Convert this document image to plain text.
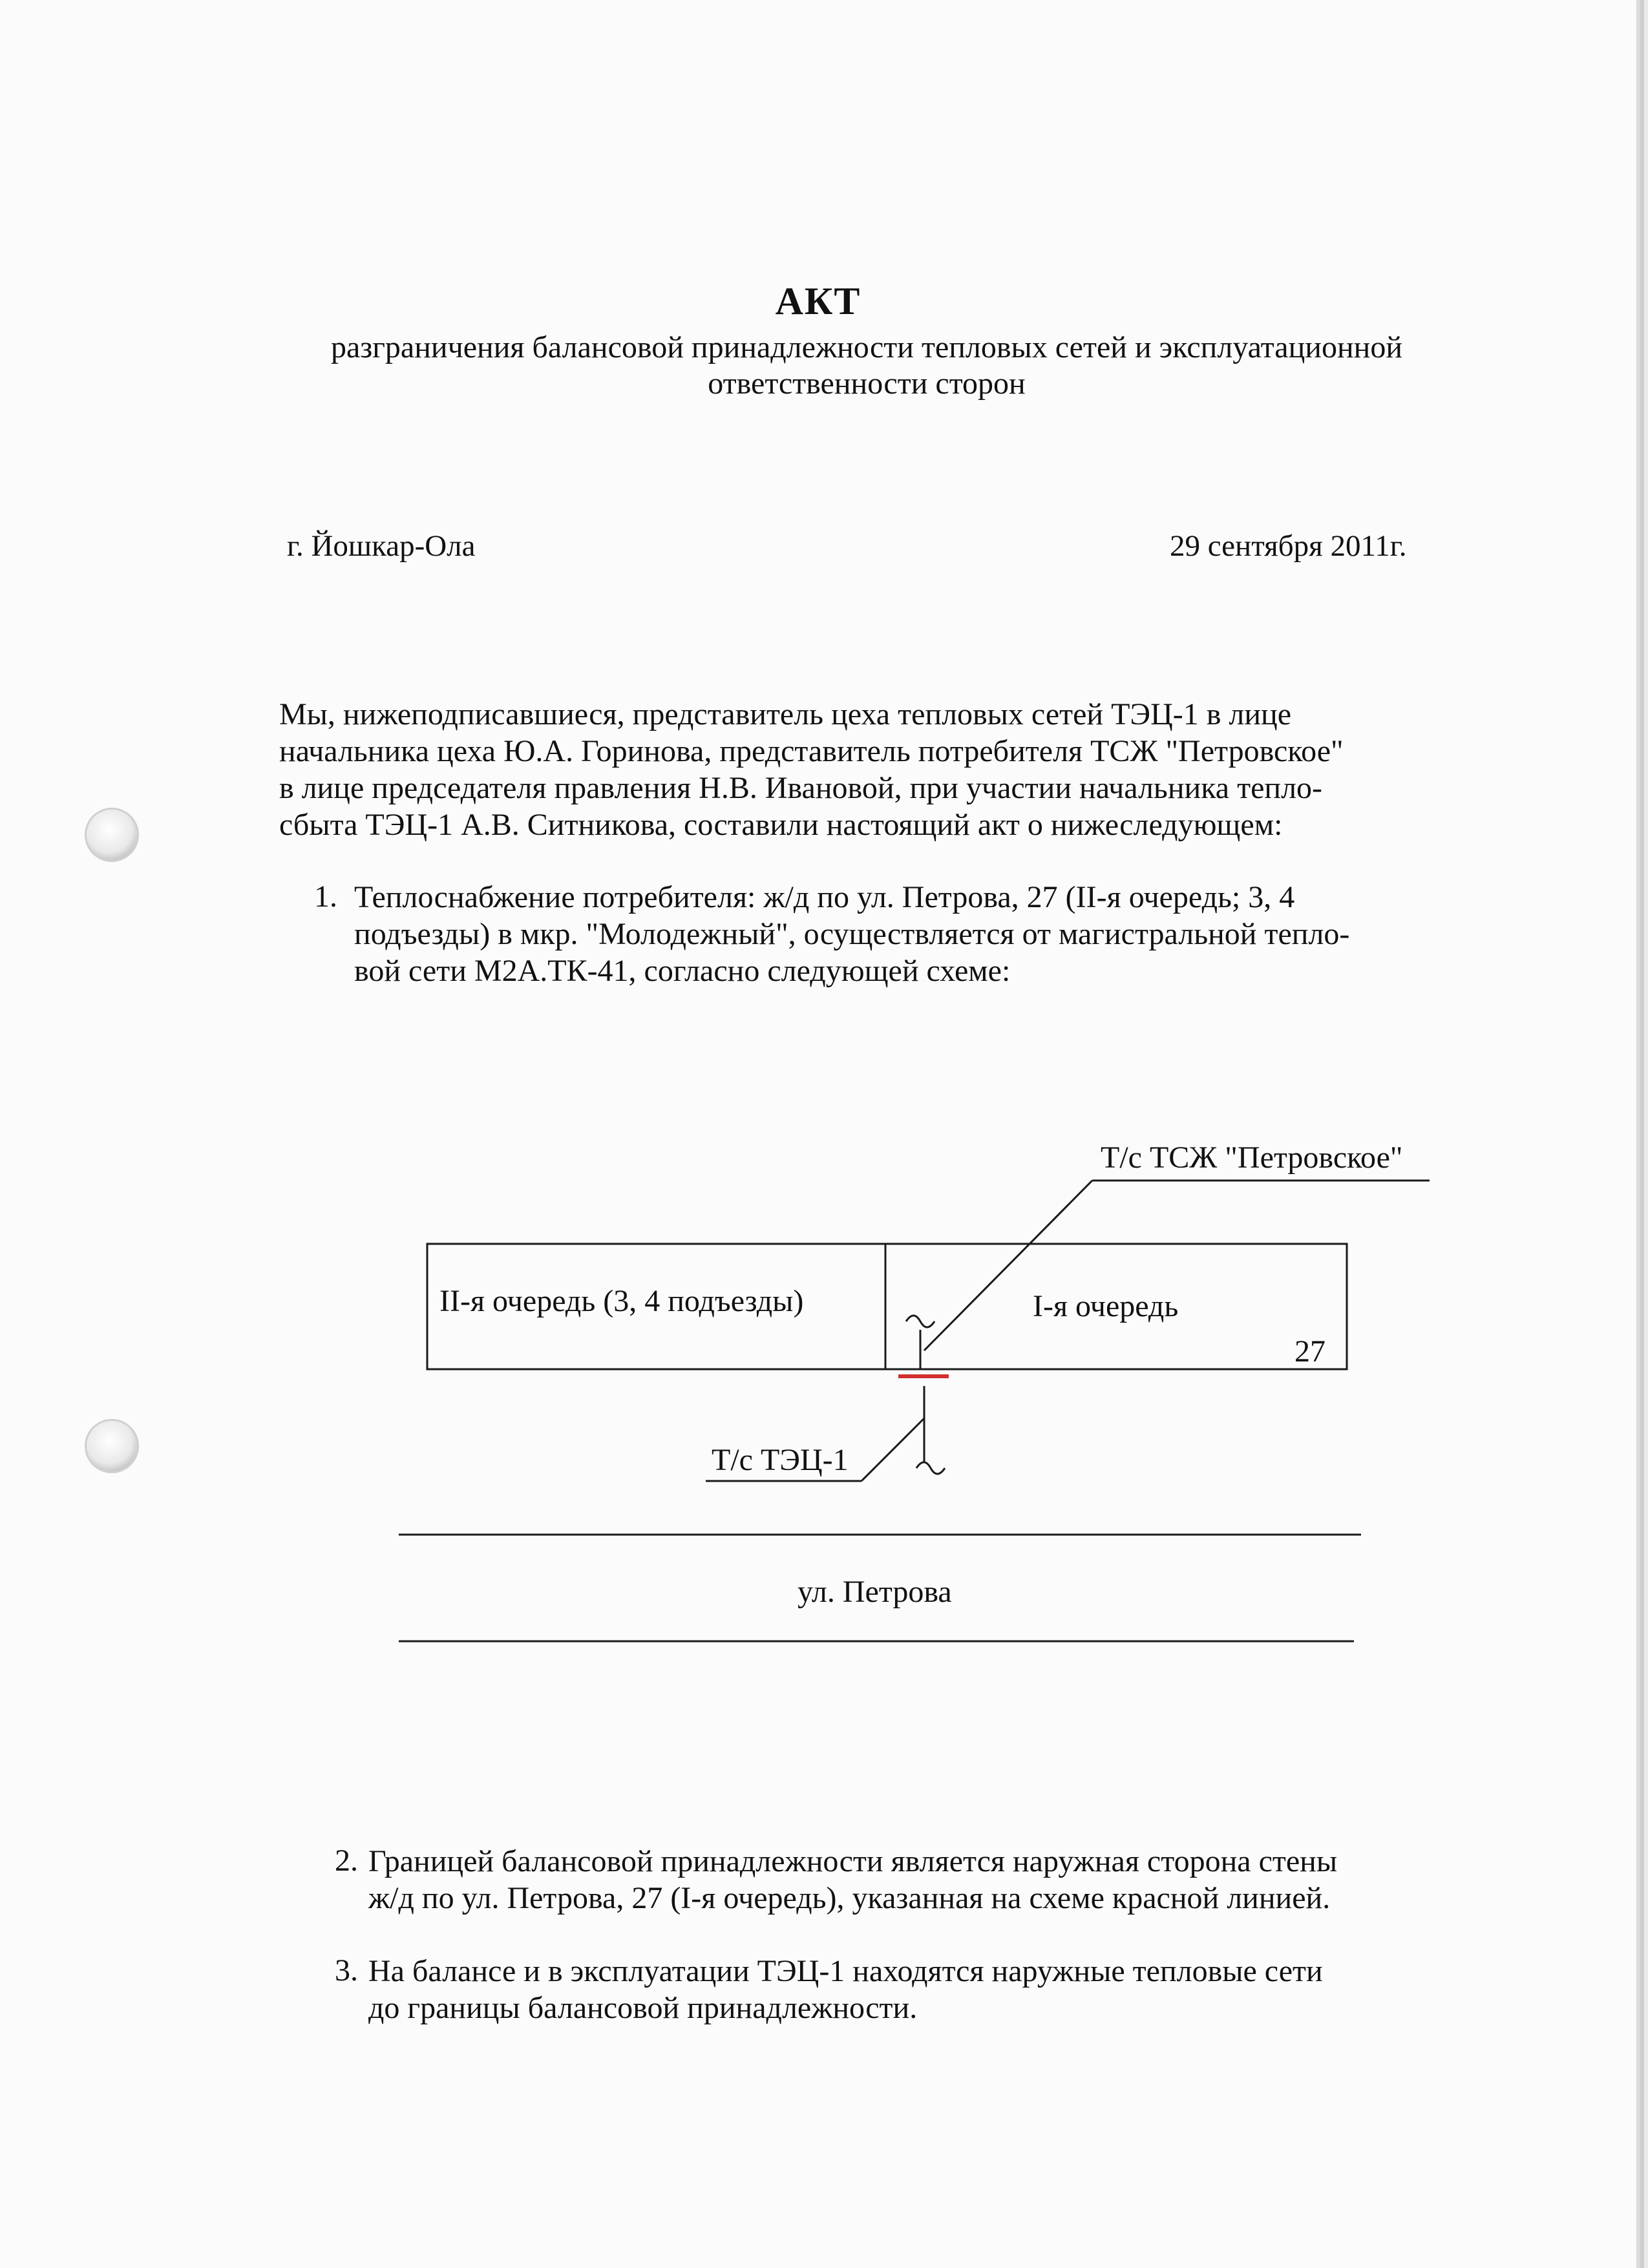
АКТ
разграничения балансовой принадлежности тепловых сетей и эксплуатационной
ответственности сторон
г. Йошкар-Ола	29 сентября 2011г.
Мы, нижеподписавшиеся, представитель цеха тепловых сетей ТЭЦ-1 в лице
начальника цеха Ю.А. Горинова, представитель потребителя ТСЖ "Петровское"
в лице председателя правления Н.В. Ивановой, при участии начальника тепло-
сбыта ТЭЦ-1 А.В. Ситникова, составили настоящий акт о нижеследующем:
1. Теплоснабжение потребителя: ж/д по ул. Петрова, 27 (II-я очередь; 3, 4
подъезды) в мкр. "Молодежный", осуществляется от магистральной тепло-
вой сети М2А.ТК-41, согласно следующей схеме:
Т/с ТСЖ "Петровское"
II-я очередь (3, 4 подъезды)	I-я очередь
27
Т/с ТЭЦ-1
ул. Петрова
2. Границей балансовой принадлежности является наружная сторона стены
ж/д по ул. Петрова, 27 (I-я очередь), указанная на схеме красной линией.
3. На балансе и в эксплуатации ТЭЦ-1 находятся наружные тепловые сети
до границы балансовой принадлежности.
